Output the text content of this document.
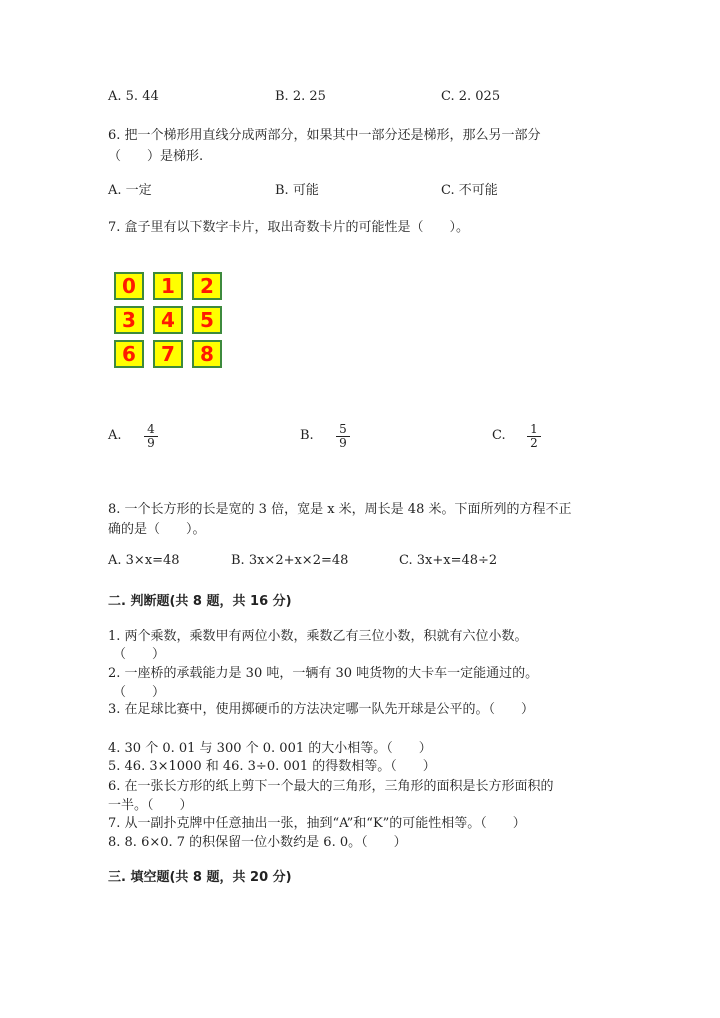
A. 5. 44	B. 2. 25	C. 2. 025
6. 把一个梯形用直线分成两部分，如果其中一部分还是梯形，那么另一部分
（　　）是梯形.
A. 一定	B. 可能	C. 不可能
7. 盒子里有以下数字卡片，取出奇数卡片的可能性是（　　）。
0	1	2
3	4	5
6	7	8
A. $\frac{4}{9}$	B. $\frac{5}{9}$	C. $\frac{1}{2}$
8. 一个长方形的长是宽的 3 倍，宽是 x 米，周长是 48 米。下面所列的方程不正
确的是（　　）。
A. 3×x=48	B. 3x×2+x×2=48	C. 3x+x=48÷2
二. 判断题(共 8 题，共 16 分)
1. 两个乘数，乘数甲有两位小数，乘数乙有三位小数，积就有六位小数。
（　　）
2. 一座桥的承载能力是 30 吨，一辆有 30 吨货物的大卡车一定能通过的。
（　　）
3. 在足球比赛中，使用掷硬币的方法决定哪一队先开球是公平的。（　　）
4. 30 个 0. 01 与 300 个 0. 001 的大小相等。（　　）
5. 46. 3×1000 和 46. 3÷0. 001 的得数相等。（　　）
6. 在一张长方形的纸上剪下一个最大的三角形，三角形的面积是长方形面积的
一半。（　　）
7. 从一副扑克牌中任意抽出一张，抽到“A”和“K”的可能性相等。（　　）
8. 8. 6×0. 7 的积保留一位小数约是 6. 0。（　　）
三. 填空题(共 8 题，共 20 分)
